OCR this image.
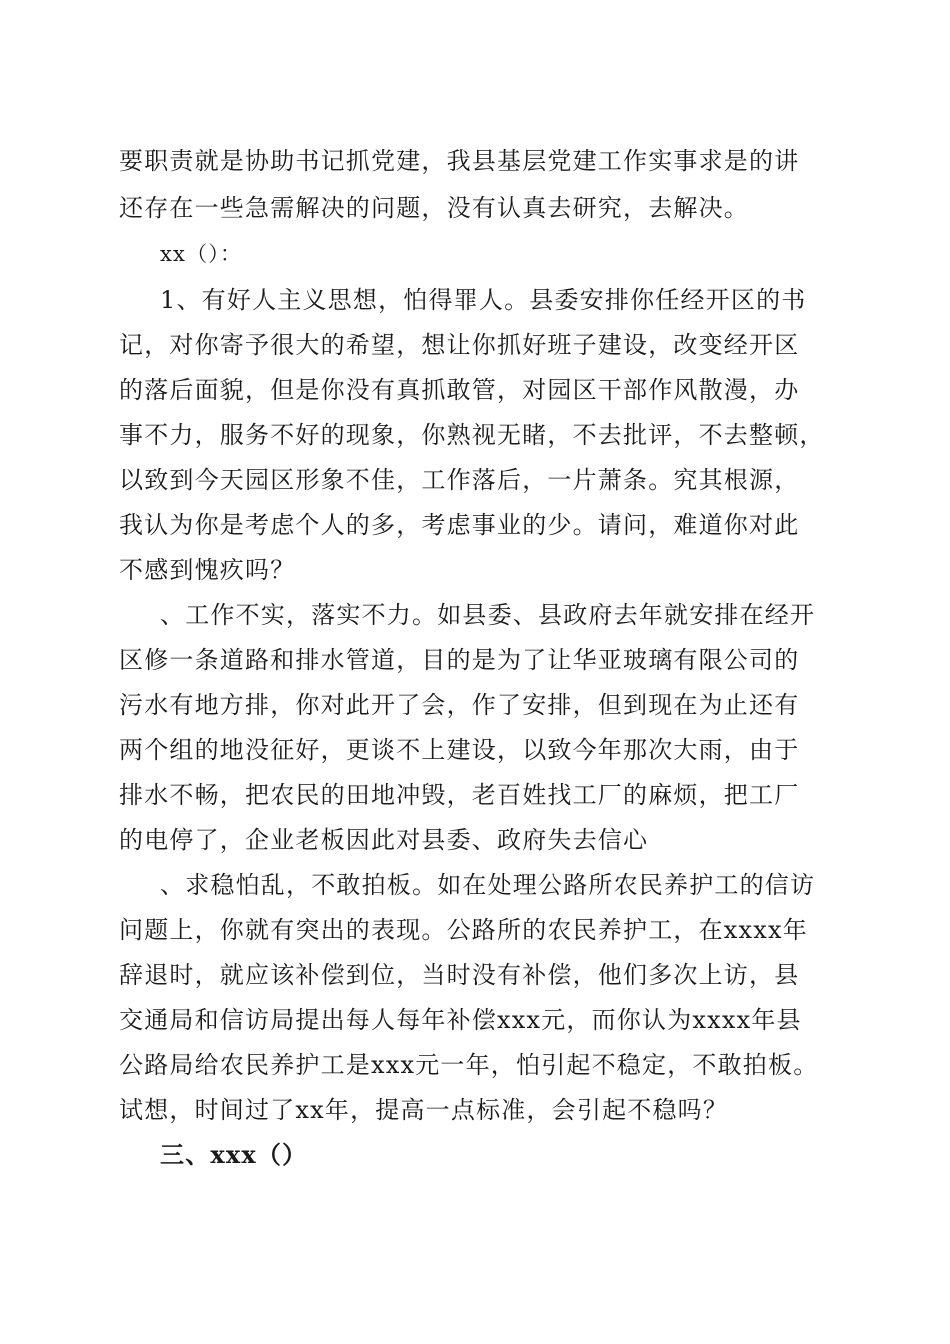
要职责就是协助书记抓党建，我县基层党建工作实事求是的讲
还存在一些急需解决的问题，没有认真去研究，去解决。
xx（）：
1、有好人主义思想，怕得罪人。县委安排你任经开区的书
记，对你寄予很大的希望，想让你抓好班子建设，改变经开区
的落后面貌，但是你没有真抓敢管，对园区干部作风散漫，办
事不力，服务不好的现象，你熟视无睹，不去批评，不去整顿，
以致到今天园区形象不佳，工作落后，一片萧条。究其根源，
我认为你是考虑个人的多，考虑事业的少。请问，难道你对此
不感到愧疚吗？
、工作不实，落实不力。如县委、县政府去年就安排在经开
区修一条道路和排水管道，目的是为了让华亚玻璃有限公司的
污水有地方排，你对此开了会，作了安排，但到现在为止还有
两个组的地没征好，更谈不上建设，以致今年那次大雨，由于
排水不畅，把农民的田地冲毁，老百姓找工厂的麻烦，把工厂
的电停了，企业老板因此对县委、政府失去信心
、求稳怕乱，不敢拍板。如在处理公路所农民养护工的信访
问题上，你就有突出的表现。公路所的农民养护工，在xxxx年
辞退时，就应该补偿到位，当时没有补偿，他们多次上访，县
交通局和信访局提出每人每年补偿xxx元，而你认为xxxx年县
公路局给农民养护工是xxx元一年，怕引起不稳定，不敢拍板。
试想，时间过了xx年，提高一点标准，会引起不稳吗？
三、xxx（）
